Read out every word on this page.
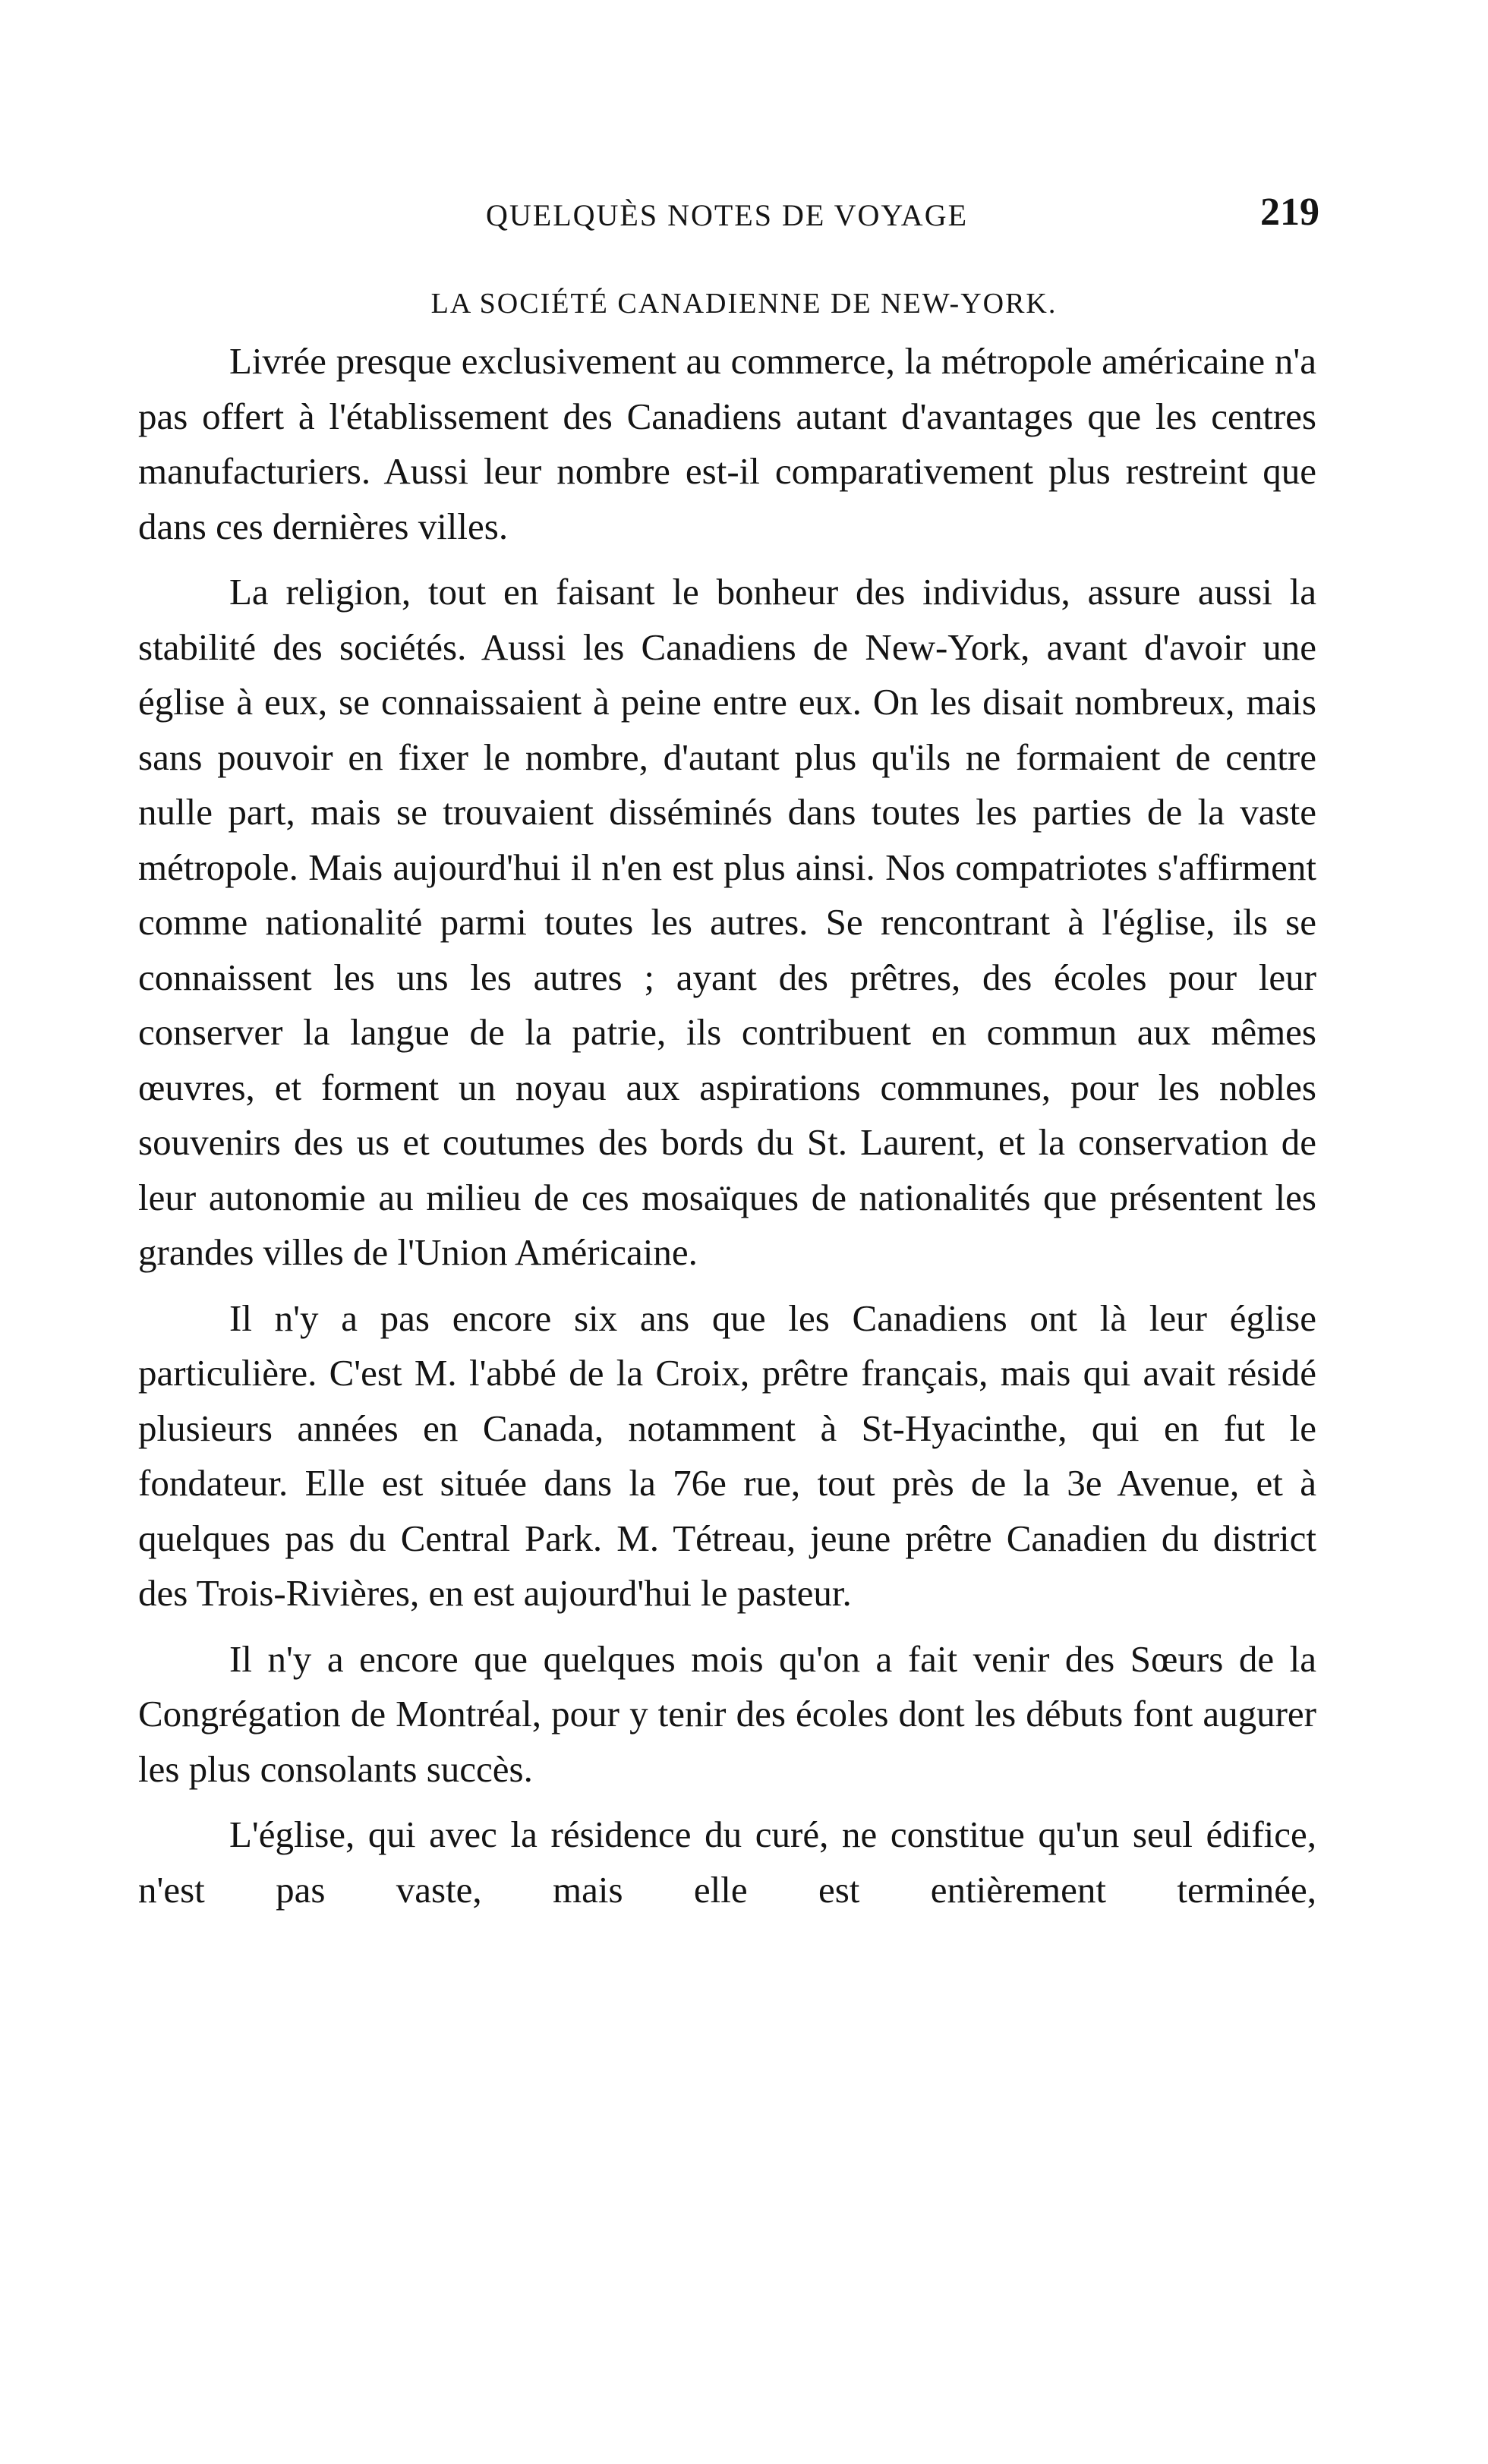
QUELQUÈS NOTES DE VOYAGE	219
LA SOCIÉTÉ CANADIENNE DE NEW-YORK.

Livrée presque exclusivement au commerce, la métropole américaine n'a pas offert à l'établissement des Canadiens autant d'avantages que les centres manufacturiers. Aussi leur nombre est-il comparativement plus restreint que dans ces dernières villes.

La religion, tout en faisant le bonheur des individus, assure aussi la stabilité des sociétés. Aussi les Canadiens de New-York, avant d'avoir une église à eux, se connaissaient à peine entre eux. On les disait nombreux, mais sans pouvoir en fixer le nombre, d'autant plus qu'ils ne formaient de centre nulle part, mais se trouvaient disséminés dans toutes les parties de la vaste métropole. Mais aujourd'hui il n'en est plus ainsi. Nos compatriotes s'affirment comme nationalité parmi toutes les autres. Se rencontrant à l'église, ils se connaissent les uns les autres ; ayant des prêtres, des écoles pour leur conserver la langue de la patrie, ils contribuent en commun aux mêmes œuvres, et forment un noyau aux aspirations communes, pour les nobles souvenirs des us et coutumes des bords du St. Laurent, et la conservation de leur autonomie au milieu de ces mosaïques de nationalités que présentent les grandes villes de l'Union Américaine.

Il n'y a pas encore six ans que les Canadiens ont là leur église particulière. C'est M. l'abbé de la Croix, prêtre français, mais qui avait résidé plusieurs années en Canada, notamment à St-Hyacinthe, qui en fut le fondateur. Elle est située dans la 76e rue, tout près de la 3e Avenue, et à quelques pas du Central Park. M. Tétreau, jeune prêtre Canadien du district des Trois-Rivières, en est aujourd'hui le pasteur.

Il n'y a encore que quelques mois qu'on a fait venir des Sœurs de la Congrégation de Montréal, pour y tenir des écoles dont les débuts font augurer les plus consolants succès.

L'église, qui avec la résidence du curé, ne constitue qu'un seul édifice, n'est pas vaste, mais elle est entièrement terminée,
